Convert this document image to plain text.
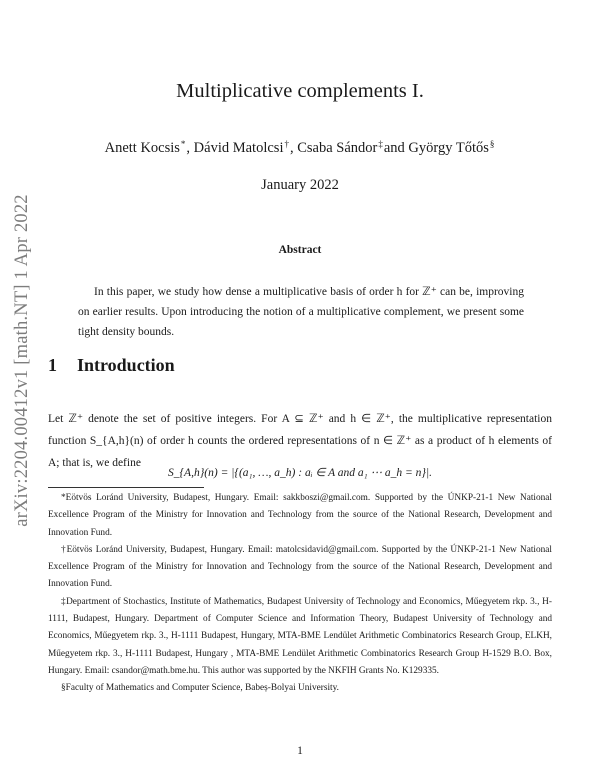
arXiv:2204.00412v1 [math.NT] 1 Apr 2022
Multiplicative complements I.
Anett Kocsis*, Dávid Matolcsi†, Csaba Sándor‡and György Tőtős§
January 2022
Abstract

In this paper, we study how dense a multiplicative basis of order h for ℤ⁺ can be, improving on earlier results. Upon introducing the notion of a multiplicative complement, we present some tight density bounds.

1 Introduction

Let ℤ⁺ denote the set of positive integers. For A ⊆ ℤ⁺ and h ∈ ℤ⁺, the multiplicative representation function S_{A,h}(n) of order h counts the ordered representations of n ∈ ℤ⁺ as a product of h elements of A; that is, we define

S_{A,h}(n) = |{(a₁, …, a_h) : aᵢ ∈ A and a₁ ⋯ a_h = n}|.

*Eötvös Loránd University, Budapest, Hungary. Email: sakkboszi@gmail.com. Supported by the ÚNKP-21-1 New National Excellence Program of the Ministry for Innovation and Technology from the source of the National Research, Development and Innovation Fund.

†Eötvös Loránd University, Budapest, Hungary. Email: matolcsidavid@gmail.com. Supported by the ÚNKP-21-1 New National Excellence Program of the Ministry for Innovation and Technology from the source of the National Research, Development and Innovation Fund.

‡Department of Stochastics, Institute of Mathematics, Budapest University of Technology and Economics, Műegyetem rkp. 3., H-1111, Budapest, Hungary. Department of Computer Science and Information Theory, Budapest University of Technology and Economics, Műegyetem rkp. 3., H-1111 Budapest, Hungary, MTA-BME Lendület Arithmetic Combinatorics Research Group, ELKH, Műegyetem rkp. 3., H-1111 Budapest, Hungary , MTA-BME Lendület Arithmetic Combinatorics Research Group H-1529 B.O. Box, Hungary. Email: csandor@math.bme.hu. This author was supported by the NKFIH Grants No. K129335.

§Faculty of Mathematics and Computer Science, Babeș-Bolyai University.

1
